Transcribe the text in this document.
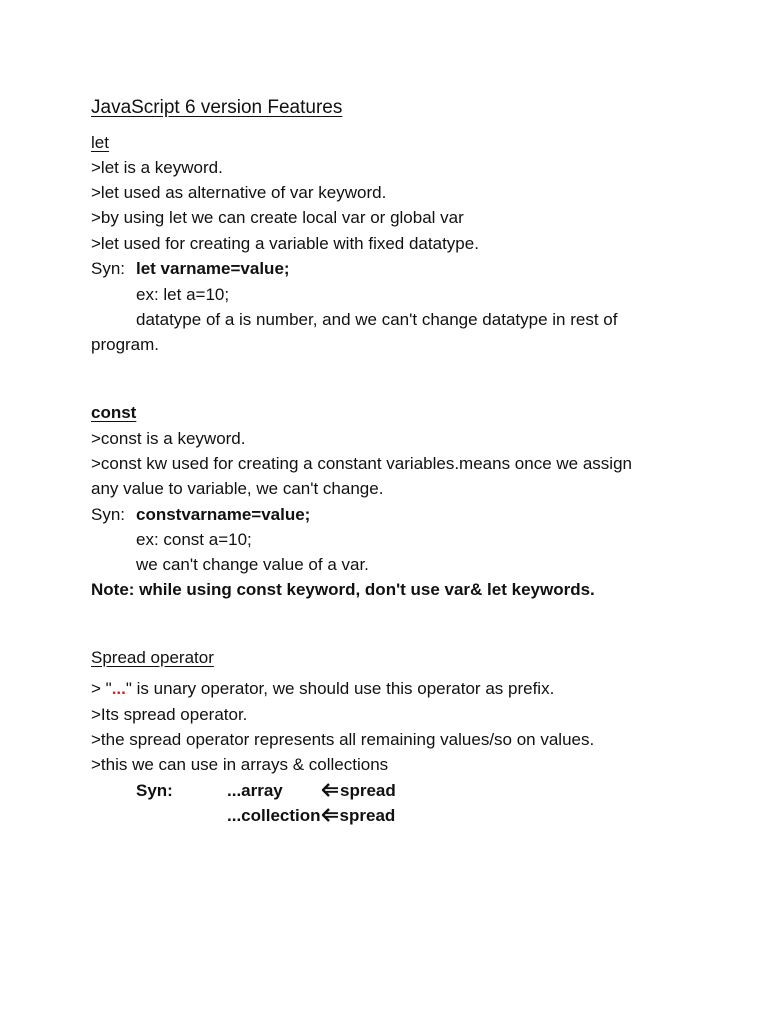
JavaScript 6 version Features
let
>let is a keyword.
>let used as alternative of var keyword.
>by using let we can create local var or global var
>let used for creating a variable with fixed datatype.
Syn: let varname=value;
ex: let a=10;
datatype of a is number, and we can't change datatype in rest of
program.
const
>const is a keyword.
>const kw used for creating a constant variables.means once we assign
any value to variable, we can't change.
Syn: constvarname=value;
ex: const a=10;
we can't change value of a var.
Note: while using const keyword, don't use var& let keywords.
Spread operator
> "..." is unary operator, we should use this operator as prefix.
>Its spread operator.
>the spread operator represents all remaining values/so on values.
>this we can use in arrays & collections
Syn:	...array	spread
...collection spread
